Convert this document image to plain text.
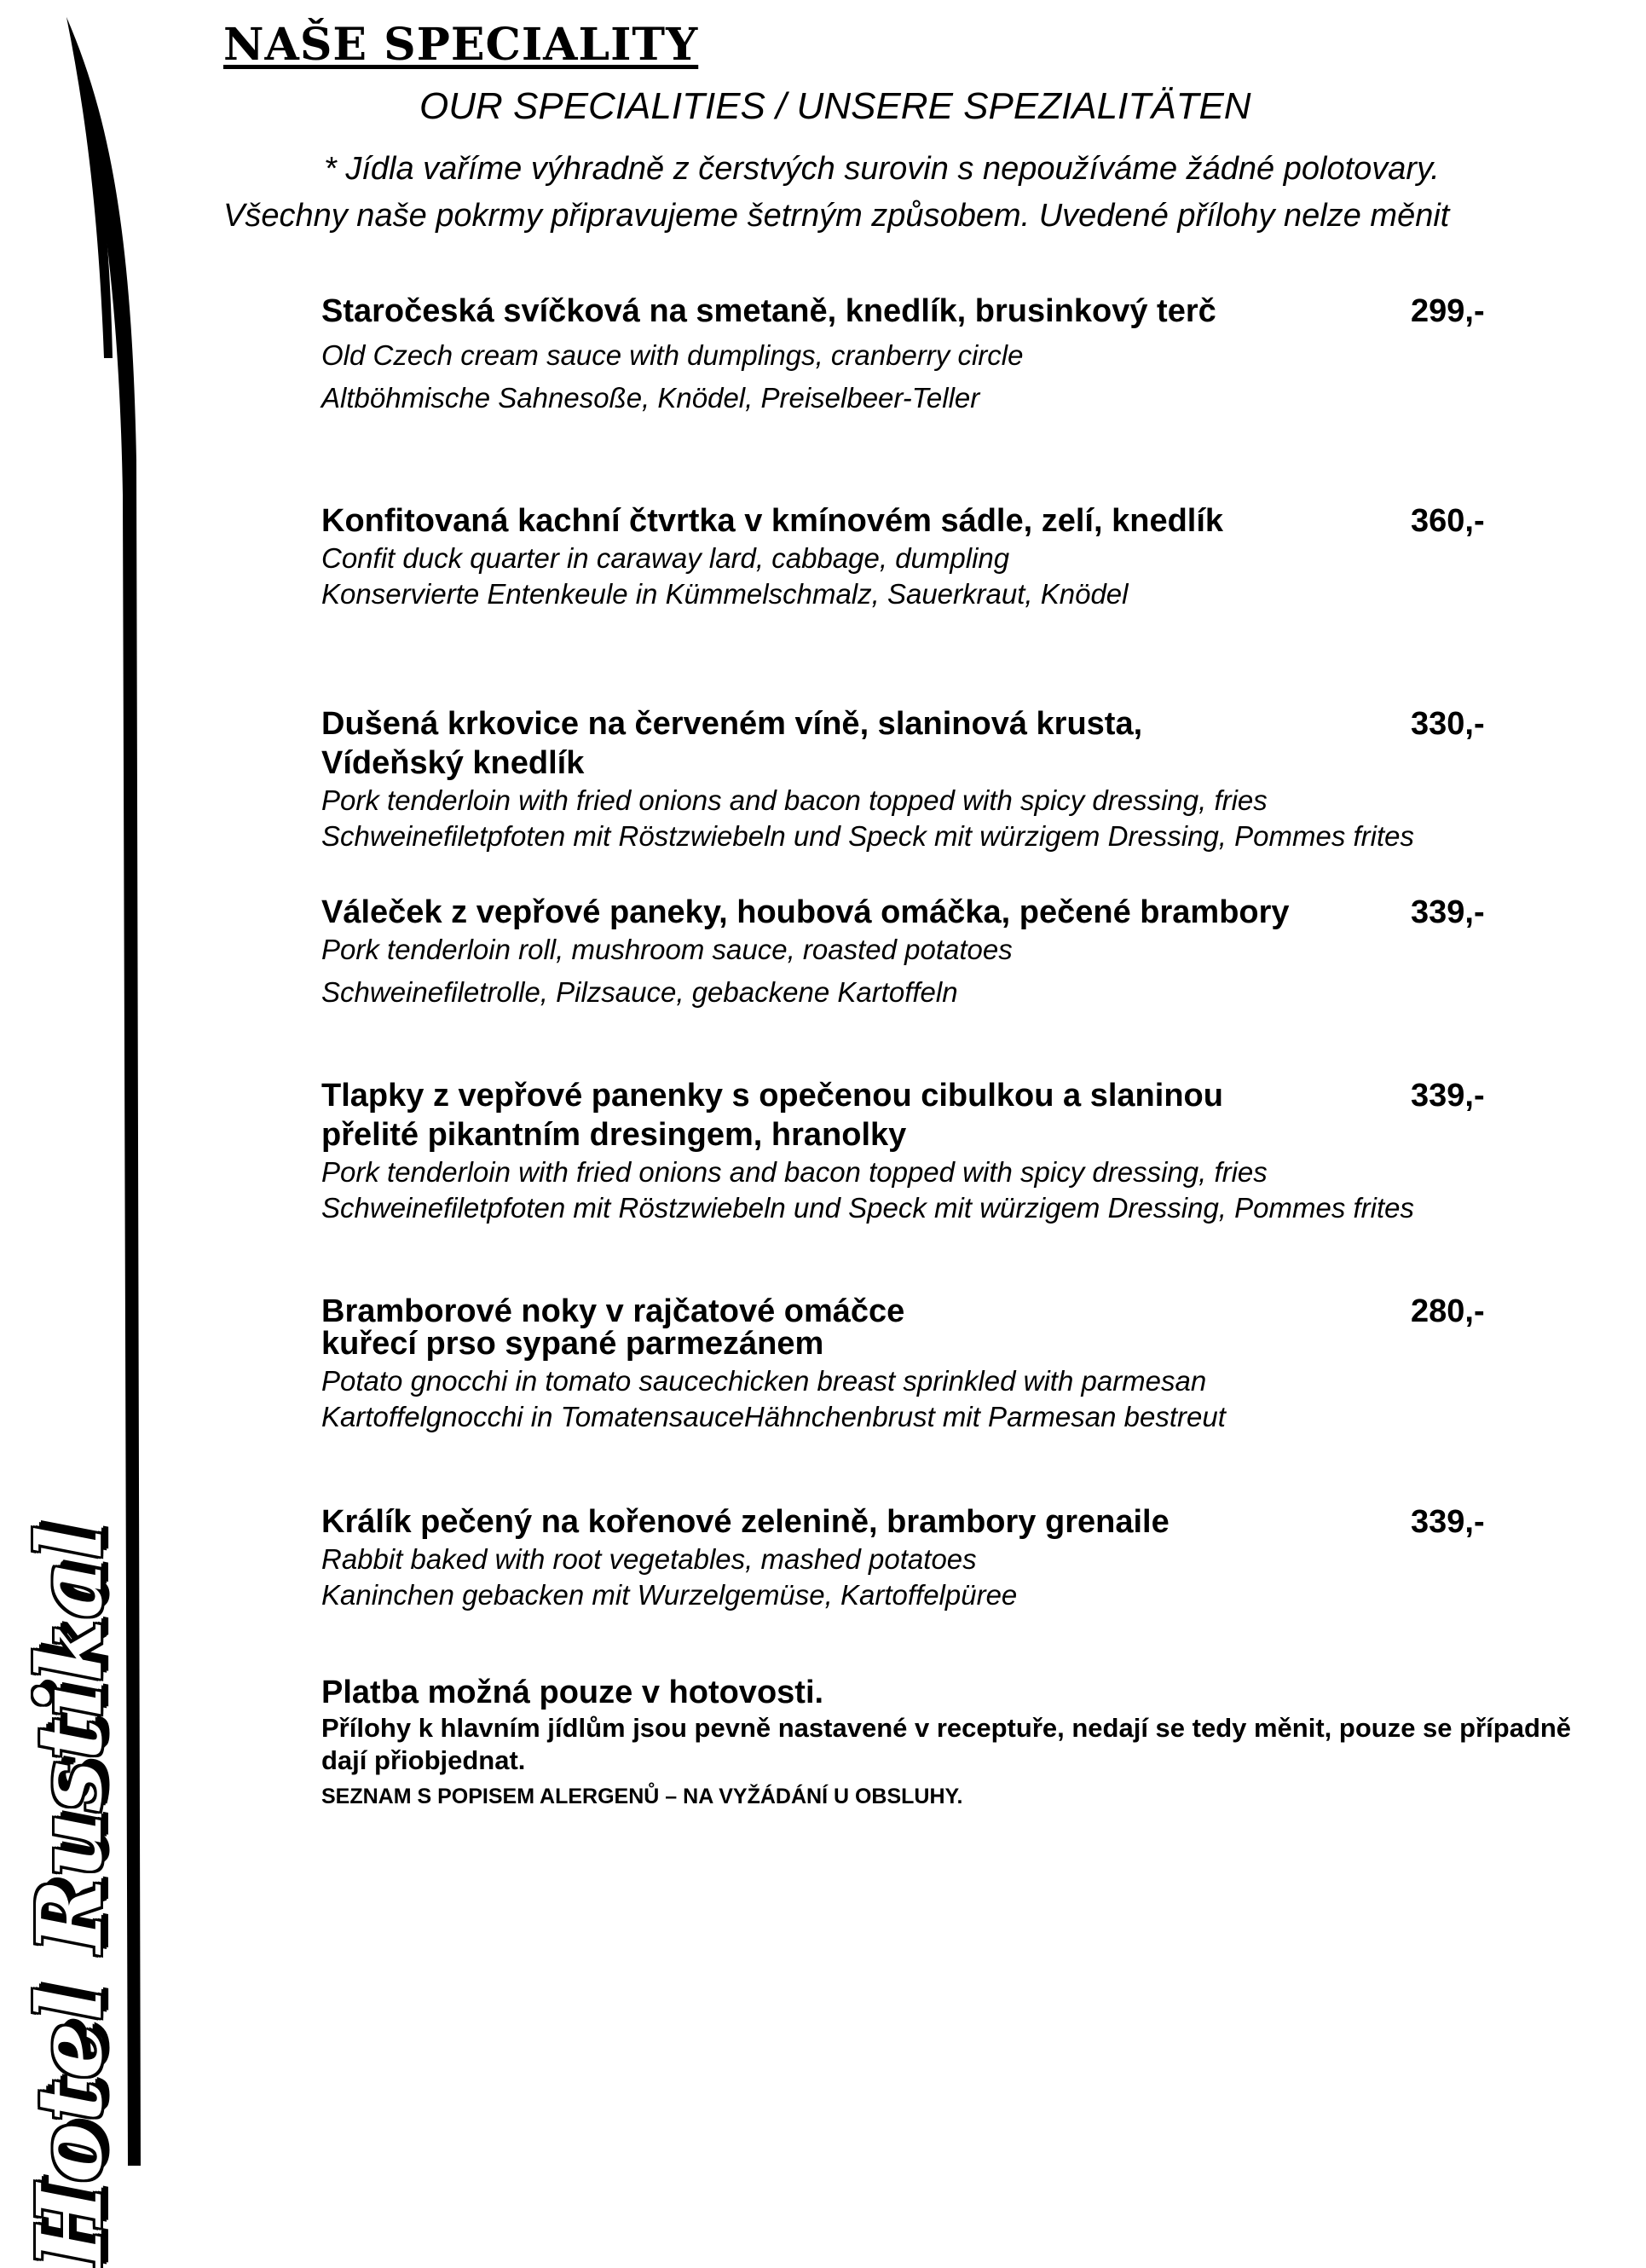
Hotel Rustikal
NAŠE SPECIALITY
OUR SPECIALITIES / UNSERE SPEZIALITÄTEN
* Jídla vaříme výhradně z čerstvých surovin s nepoužíváme žádné polotovary.
Všechny naše pokrmy připravujeme šetrným způsobem. Uvedené přílohy nelze měnit
Staročeská svíčková na smetaně, knedlík, brusinkový terč	299,-
Old Czech cream sauce with dumplings, cranberry circle
Altböhmische Sahnesoße, Knödel, Preiselbeer-Teller
Konfitovaná kachní čtvrtka v kmínovém sádle, zelí, knedlík	360,-
Confit duck quarter in caraway lard, cabbage, dumpling
Konservierte Entenkeule in Kümmelschmalz, Sauerkraut, Knödel
Dušená krkovice na červeném víně, slaninová krusta,
Vídeňský knedlík
330,-
Pork tenderloin with fried onions and bacon topped with spicy dressing, fries
Schweinefiletpfoten mit Röstzwiebeln und Speck mit würzigem Dressing, Pommes frites
Váleček z vepřové paneky, houbová omáčka, pečené brambory	339,-
Pork tenderloin roll, mushroom sauce, roasted potatoes
Schweinefiletrolle, Pilzsauce, gebackene Kartoffeln
Tlapky z vepřové panenky s opečenou cibulkou a slaninou
přelité pikantním dresingem, hranolky
339,-
Pork tenderloin with fried onions and bacon topped with spicy dressing, fries
Schweinefiletpfoten mit Röstzwiebeln und Speck mit würzigem Dressing, Pommes frites
Bramborové noky v rajčatové omáčce
kuřecí prso sypané parmezánem
280,-
Potato gnocchi in tomato saucechicken breast sprinkled with parmesan
Kartoffelgnocchi in TomatensauceHähnchenbrust mit Parmesan bestreut
Králík pečený na kořenové zelenině, brambory grenaile	339,-
Rabbit baked with root vegetables, mashed potatoes
Kaninchen gebacken mit Wurzelgemüse, Kartoffelpüree
Platba možná pouze v hotovosti.
Přílohy k hlavním jídlům jsou pevně nastavené v receptuře, nedají se tedy měnit, pouze se případně dají přiobjednat.
SEZNAM S POPISEM ALERGENŮ – NA VYŽÁDÁNÍ U OBSLUHY.
